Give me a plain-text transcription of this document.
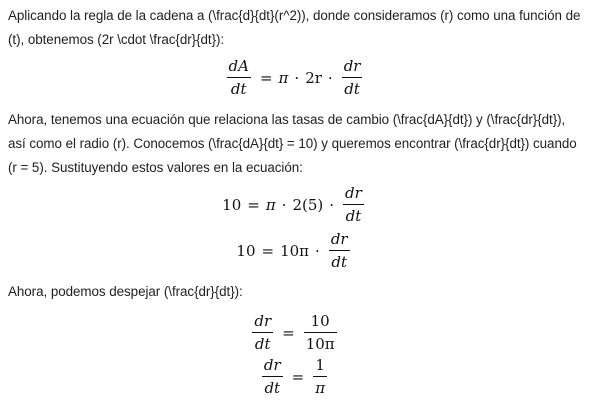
Aplicando la regla de la cadena a (\frac{d}{dt}(r^2)), donde consideramos (r) como una función de (t), obtenemos (2r \cdot \frac{dr}{dt}):
$\frac{dA}{dt} = \pi \cdot 2r \cdot \frac{dr}{dt}$
Ahora, tenemos una ecuación que relaciona las tasas de cambio (\frac{dA}{dt}) y (\frac{dr}{dt}), así como el radio (r). Conocemos (\frac{dA}{dt} = 10) y queremos encontrar (\frac{dr}{dt}) cuando (r = 5). Sustituyendo estos valores en la ecuación:
$10 = \pi \cdot 2(5) \cdot \frac{dr}{dt}$
$10 = 10\pi \cdot \frac{dr}{dt}$
Ahora, podemos despejar (\frac{dr}{dt}):
$\frac{dr}{dt} = \frac{10}{10\pi}$
$\frac{dr}{dt} = \frac{1}{\pi}$
